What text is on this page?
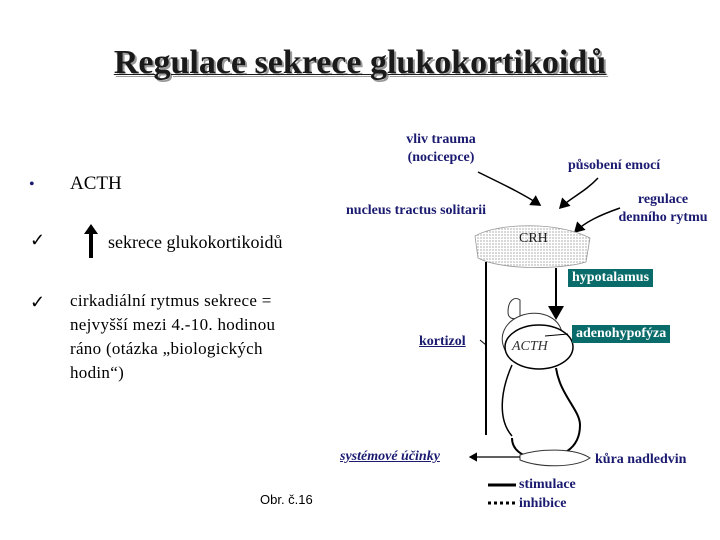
Regulace sekrece glukokortikoidů
• ACTH
✓	sekrece glukokortikoidů
✓ cirkadiální rytmus sekrece =
nejvyšší mezi 4.-10. hodinou
ráno (otázka „biologických
hodin“)
vliv trauma
(nocicepce)
působení emocí
nucleus tractus solitarii
regulace
denního rytmu
CRH
hypotalamus
adenohypofýza
ACTH
kortizol
systémové účinky	kůra nadledvin
stimulace
inhibice
Obr. č.16
